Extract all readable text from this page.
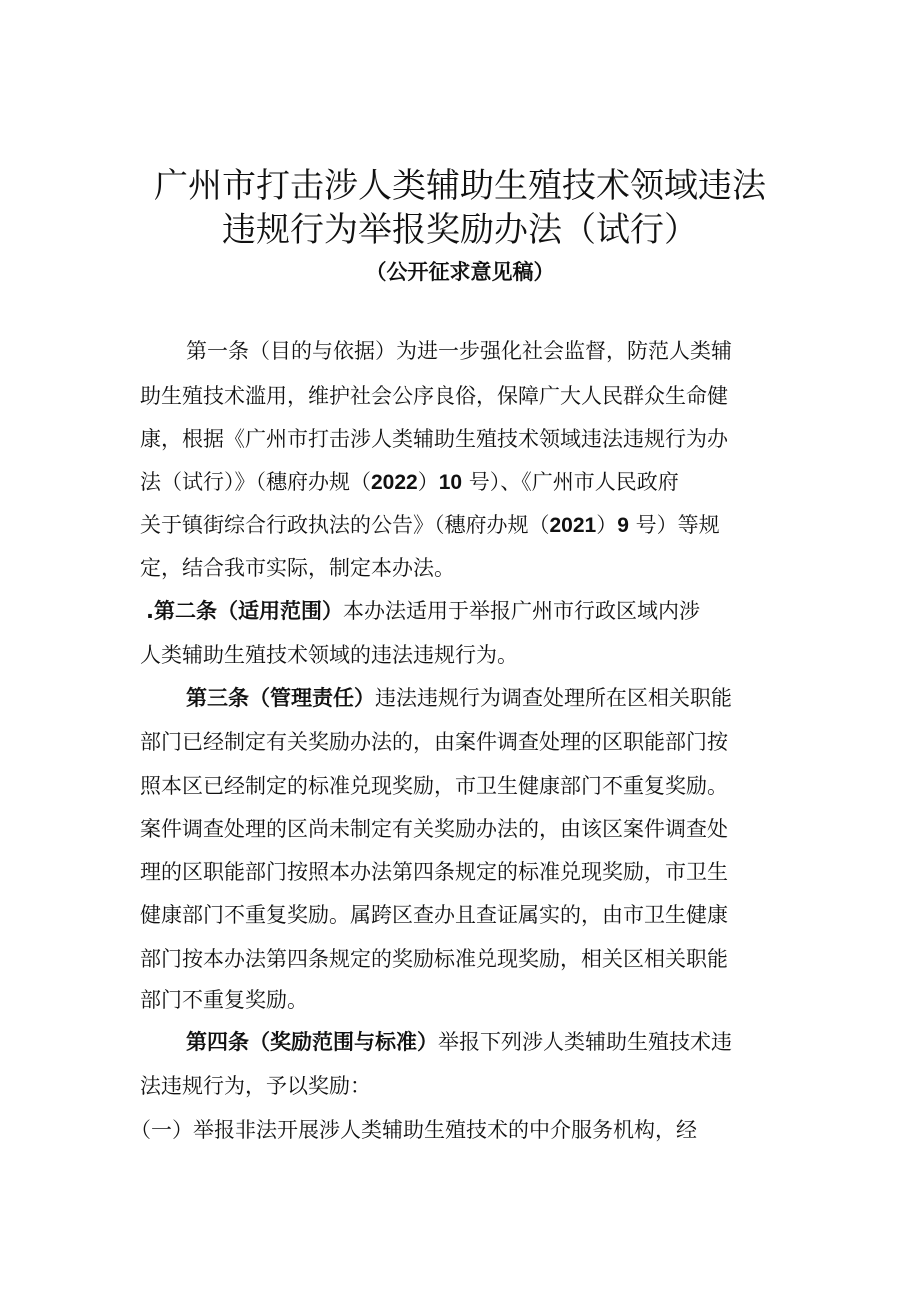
广州市打击涉人类辅助生殖技术领域违法
违规行为举报奖励办法（试行）
（公开征求意见稿）
第一条（目的与依据）为进一步强化社会监督，防范人类辅
助生殖技术滥用，维护社会公序良俗，保障广大人民群众生命健
康，根据《广州市打击涉人类辅助生殖技术领域违法违规行为办
法（试行）》（穗府办规（2022）10 号）、《广州市人民政府
关于镇街综合行政执法的公告》（穗府办规（2021）9 号）等规
定，结合我市实际，制定本办法。
.第二条（适用范围）本办法适用于举报广州市行政区域内涉
人类辅助生殖技术领域的违法违规行为。
第三条（管理责任）违法违规行为调查处理所在区相关职能
部门已经制定有关奖励办法的，由案件调查处理的区职能部门按
照本区已经制定的标准兑现奖励，市卫生健康部门不重复奖励。
案件调查处理的区尚未制定有关奖励办法的，由该区案件调查处
理的区职能部门按照本办法第四条规定的标准兑现奖励，市卫生
健康部门不重复奖励。属跨区查办且查证属实的，由市卫生健康
部门按本办法第四条规定的奖励标准兑现奖励，相关区相关职能
部门不重复奖励。
第四条（奖励范围与标准）举报下列涉人类辅助生殖技术违
法违规行为，予以奖励：
（一）举报非法开展涉人类辅助生殖技术的中介服务机构，经
